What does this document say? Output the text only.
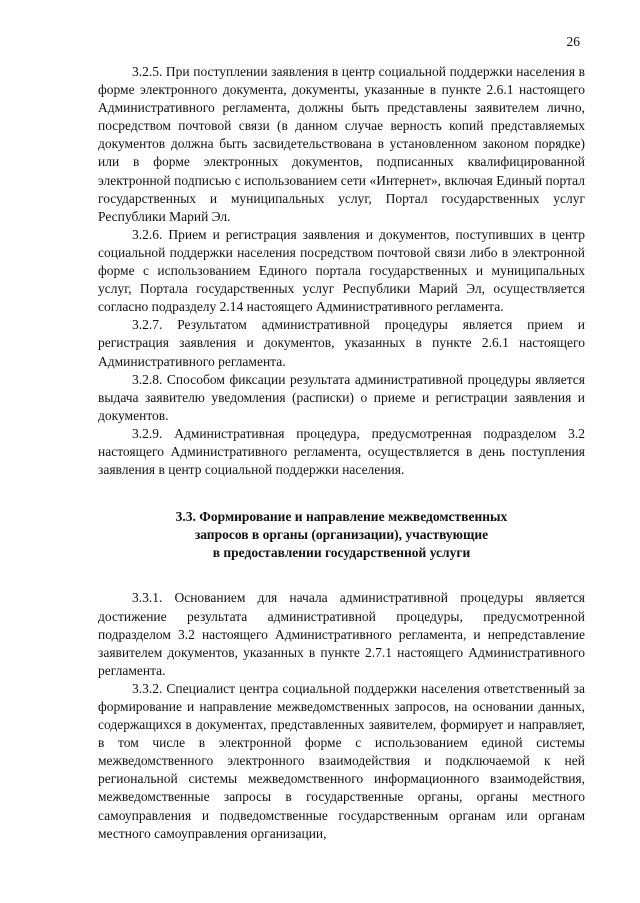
26

3.2.5. При поступлении заявления в центр социальной поддержки населения в форме электронного документа, документы, указанные в пункте 2.6.1 настоящего Административного регламента, должны быть представлены заявителем лично, посредством почтовой связи (в данном случае верность копий представляемых документов должна быть засвидетельствована в установленном законом порядке) или в форме электронных документов, подписанных квалифицированной электронной подписью с использованием сети «Интернет», включая Единый портал государственных и муниципальных услуг, Портал государственных услуг Республики Марий Эл.

3.2.6. Прием и регистрация заявления и документов, поступивших в центр социальной поддержки населения посредством почтовой связи либо в электронной форме с использованием Единого портала государственных и муниципальных услуг, Портала государственных услуг Республики Марий Эл, осуществляется согласно подразделу 2.14 настоящего Административного регламента.

3.2.7. Результатом административной процедуры является прием и регистрация заявления и документов, указанных в пункте 2.6.1 настоящего Административного регламента.

3.2.8. Способом фиксации результата административной процедуры является выдача заявителю уведомления (расписки) о приеме и регистрации заявления и документов.

3.2.9. Административная процедура, предусмотренная подразделом 3.2 настоящего Административного регламента, осуществляется в день поступления заявления в центр социальной поддержки населения.

3.3. Формирование и направление межведомственных
запросов в органы (организации), участвующие
в предоставлении государственной услуги

3.3.1. Основанием для начала административной процедуры является достижение результата административной процедуры, предусмотренной подразделом 3.2 настоящего Административного регламента, и непредставление заявителем документов, указанных в пункте 2.7.1 настоящего Административного регламента.

3.3.2. Специалист центра социальной поддержки населения ответственный за формирование и направление межведомственных запросов, на основании данных, содержащихся в документах, представленных заявителем, формирует и направляет, в том числе в электронной форме с использованием единой системы межведомственного электронного взаимодействия и подключаемой к ней региональной системы межведомственного информационного взаимодействия, межведомственные запросы в государственные органы, органы местного самоуправления и подведомственные государственным органам или органам местного самоуправления организации,
